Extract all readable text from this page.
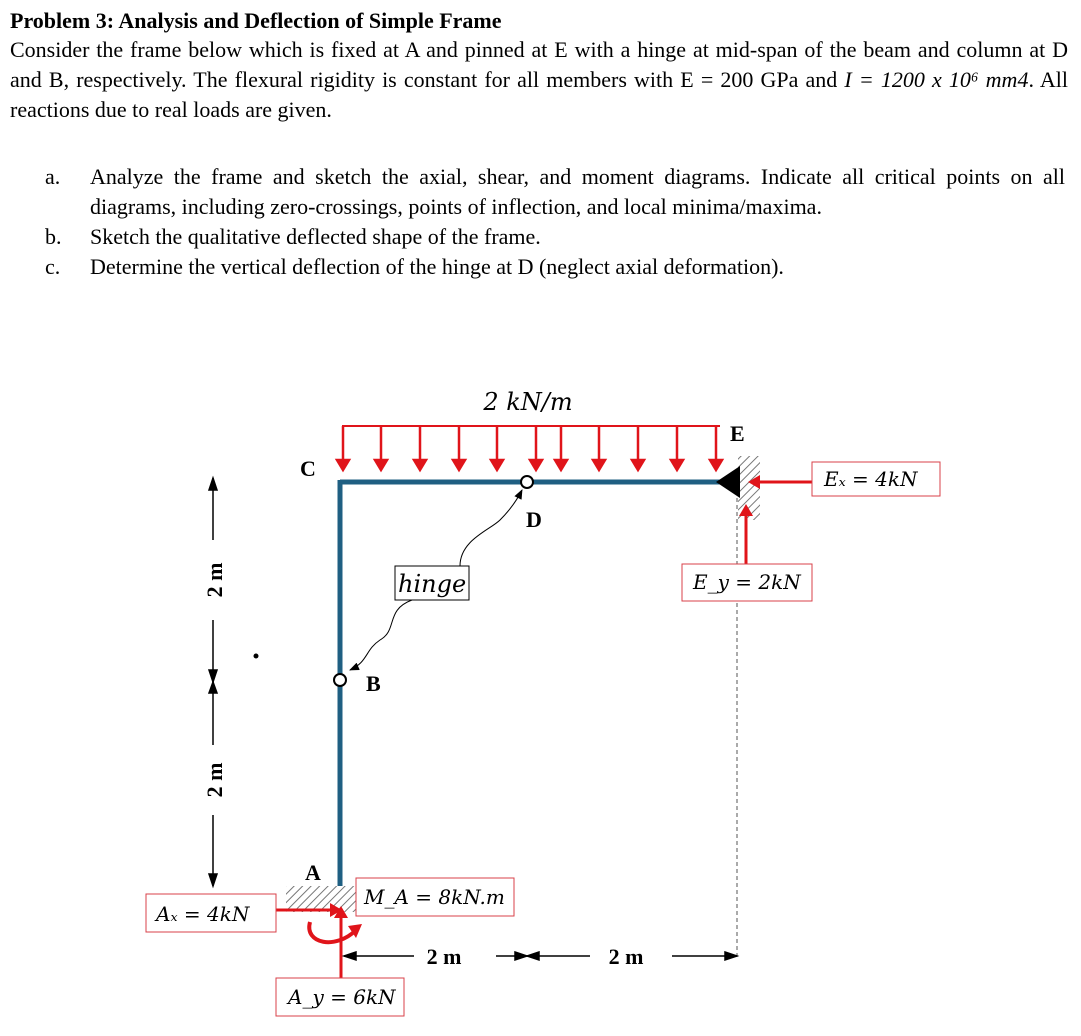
Problem 3: Analysis and Deflection of Simple Frame

Consider the frame below which is fixed at A and pinned at E with a hinge at mid-span of the beam and column at D and B, respectively. The flexural rigidity is constant for all members with E = 200 GPa and I = 1200 x 10⁶ mm4. All reactions due to real loads are given.

a.	Analyze the frame and sketch the axial, shear, and moment diagrams. Indicate all critical points on all diagrams, including zero-crossings, points of inflection, and local minima/maxima.
b.	Sketch the qualitative deflected shape of the frame.
c.	Determine the vertical deflection of the hinge at D (neglect axial deformation).
2 kN/m
C
D
E
B
A
hinge
Eₓ = 4kN
E_y = 2kN
Aₓ = 4kN
A_y = 6kN
M_A = 8kN.m
2 m
2 m
2 m	2 m
